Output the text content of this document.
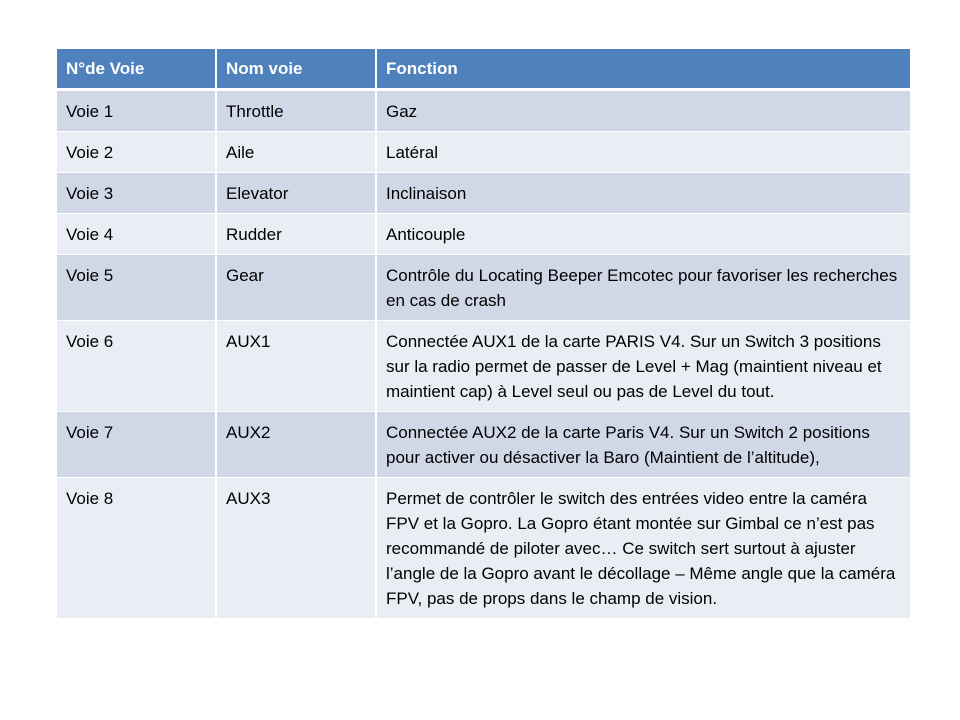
N°de Voie	Nom voie	Fonction
Voie 1	Throttle	Gaz
Voie 2	Aile	Latéral
Voie 3	Elevator	Inclinaison
Voie 4	Rudder	Anticouple
Voie 5	Gear	Contrôle du Locating Beeper Emcotec pour favoriser les recherches en cas de crash
Voie 6	AUX1	Connectée AUX1 de la carte PARIS V4. Sur un Switch 3 positions sur la radio permet de passer de Level + Mag (maintient niveau et maintient cap) à Level seul ou pas de Level du tout.
Voie 7	AUX2	Connectée AUX2 de la carte Paris V4. Sur un Switch 2 positions pour activer ou désactiver la Baro (Maintient de l’altitude),
Voie 8	AUX3	Permet de contrôler le switch des entrées video entre la caméra FPV et la Gopro. La Gopro étant montée sur Gimbal ce n’est pas recommandé de piloter avec… Ce switch sert surtout à ajuster l’angle de la Gopro avant le décollage – Même angle que la caméra FPV, pas de props dans le champ de vision.
